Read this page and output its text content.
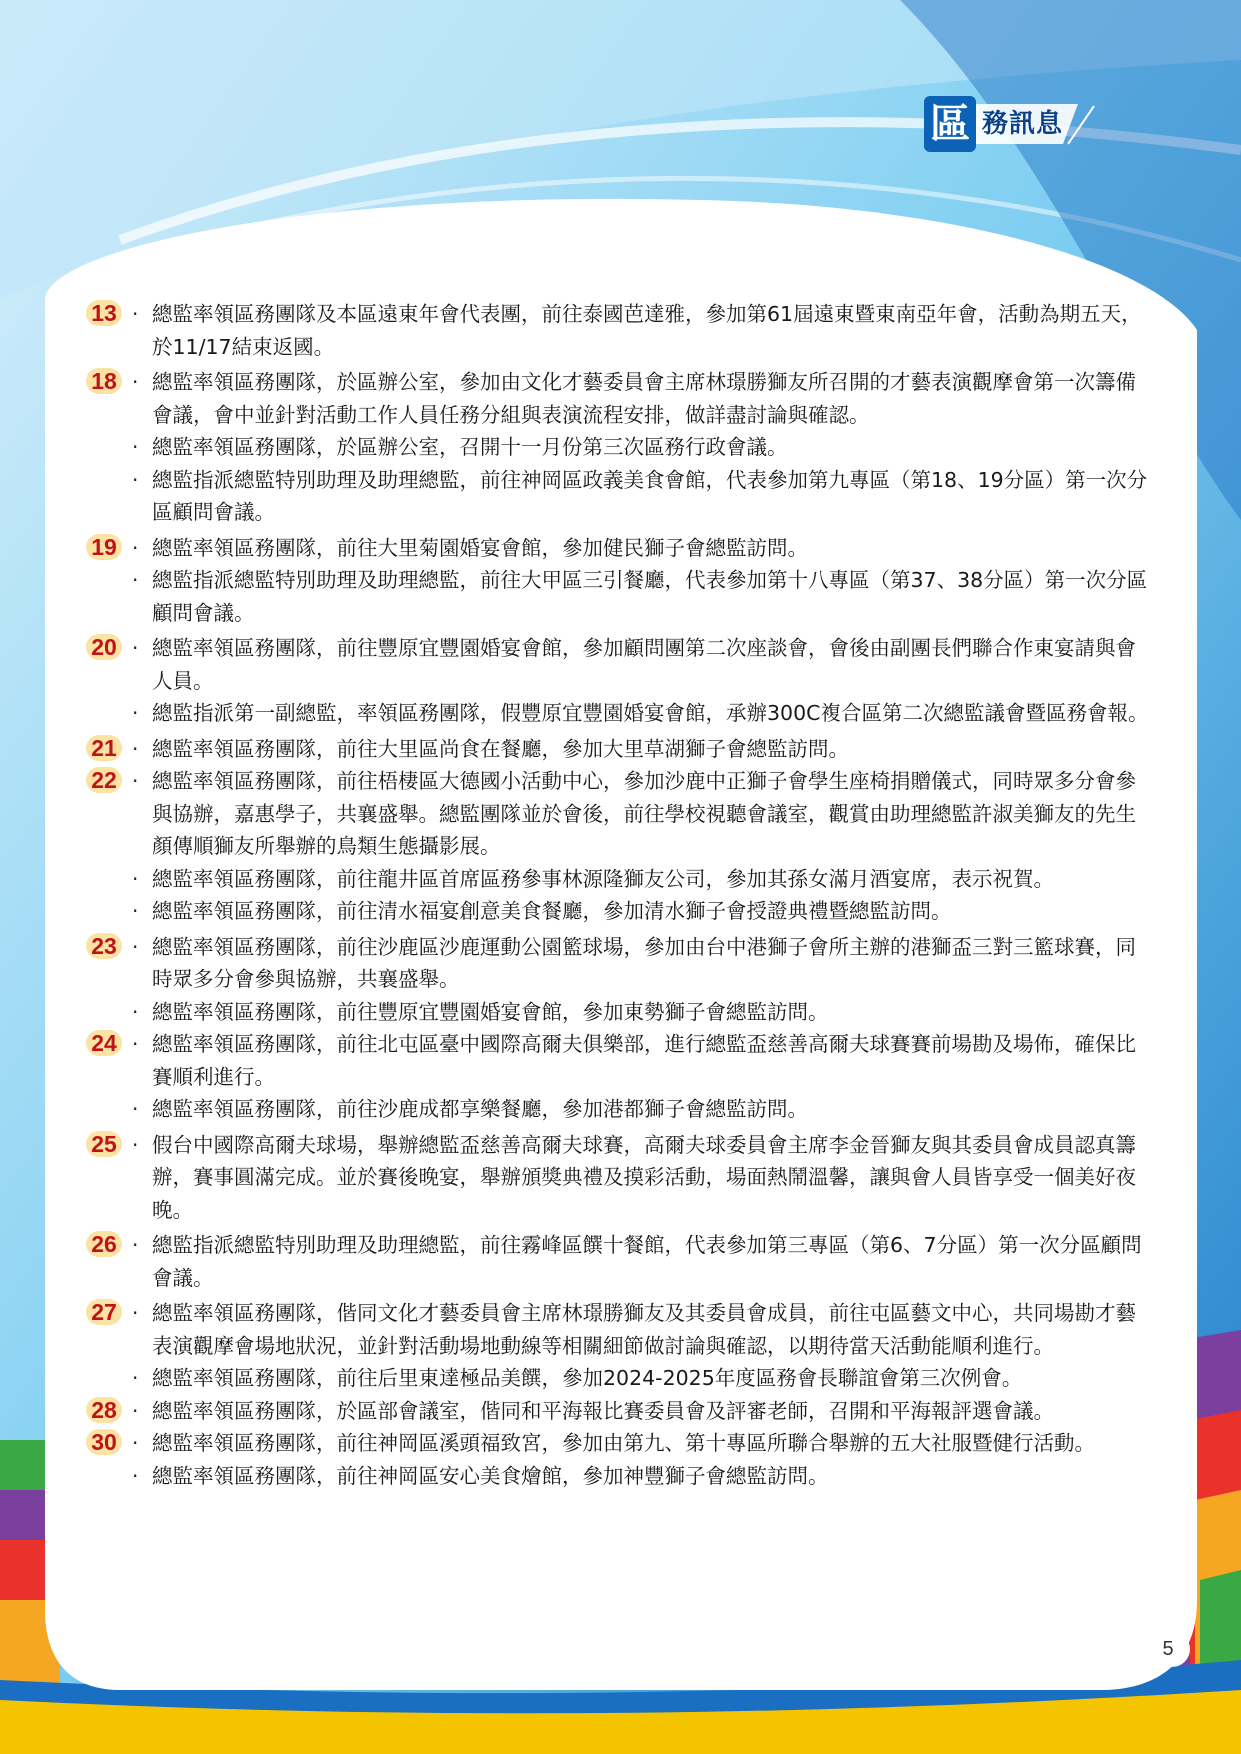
區 務訊息
13 ‧ 總監率領區務團隊及本區遠東年會代表團，前往泰國芭達雅，參加第61屆遠東暨東南亞年會，活動為期五天，於11/17結束返國。
18 ‧ 總監率領區務團隊，於區辦公室，參加由文化才藝委員會主席林璟勝獅友所召開的才藝表演觀摩會第一次籌備會議，會中並針對活動工作人員任務分組與表演流程安排，做詳盡討論與確認。
‧ 總監率領區務團隊，於區辦公室，召開十一月份第三次區務行政會議。
‧ 總監指派總監特別助理及助理總監，前往神岡區政義美食會館，代表參加第九專區（第18、19分區）第一次分區顧問會議。
19 ‧ 總監率領區務團隊，前往大里菊園婚宴會館，參加健民獅子會總監訪問。
‧ 總監指派總監特別助理及助理總監，前往大甲區三引餐廳，代表參加第十八專區（第37、38分區）第一次分區顧問會議。
20 ‧ 總監率領區務團隊，前往豐原宜豐園婚宴會館，參加顧問團第二次座談會，會後由副團長們聯合作東宴請與會人員。
‧ 總監指派第一副總監，率領區務團隊，假豐原宜豐園婚宴會館，承辦300C複合區第二次總監議會暨區務會報。
21 ‧ 總監率領區務團隊，前往大里區尚食在餐廳，參加大里草湖獅子會總監訪問。
22 ‧ 總監率領區務團隊，前往梧棲區大德國小活動中心，參加沙鹿中正獅子會學生座椅捐贈儀式，同時眾多分會參與協辦，嘉惠學子，共襄盛舉。總監團隊並於會後，前往學校視聽會議室，觀賞由助理總監許淑美獅友的先生顏傳順獅友所舉辦的鳥類生態攝影展。
‧ 總監率領區務團隊，前往龍井區首席區務參事林源隆獅友公司，參加其孫女滿月酒宴席，表示祝賀。
‧ 總監率領區務團隊，前往清水福宴創意美食餐廳，參加清水獅子會授證典禮暨總監訪問。
23 ‧ 總監率領區務團隊，前往沙鹿區沙鹿運動公園籃球場，參加由台中港獅子會所主辦的港獅盃三對三籃球賽，同時眾多分會參與協辦，共襄盛舉。
‧ 總監率領區務團隊，前往豐原宜豐園婚宴會館，參加東勢獅子會總監訪問。
24 ‧ 總監率領區務團隊，前往北屯區臺中國際高爾夫俱樂部，進行總監盃慈善高爾夫球賽賽前場勘及場佈，確保比賽順利進行。
‧ 總監率領區務團隊，前往沙鹿成都享樂餐廳，參加港都獅子會總監訪問。
25 ‧ 假台中國際高爾夫球場，舉辦總監盃慈善高爾夫球賽，高爾夫球委員會主席李金晉獅友與其委員會成員認真籌辦，賽事圓滿完成。並於賽後晚宴，舉辦頒獎典禮及摸彩活動，場面熱鬧溫馨，讓與會人員皆享受一個美好夜晚。
26 ‧ 總監指派總監特別助理及助理總監，前往霧峰區饌十餐館，代表參加第三專區（第6、7分區）第一次分區顧問會議。
27 ‧ 總監率領區務團隊，偕同文化才藝委員會主席林璟勝獅友及其委員會成員，前往屯區藝文中心，共同場勘才藝表演觀摩會場地狀況，並針對活動場地動線等相關細節做討論與確認，以期待當天活動能順利進行。
‧ 總監率領區務團隊，前往后里東達極品美饌，參加2024-2025年度區務會長聯誼會第三次例會。
28 ‧ 總監率領區務團隊，於區部會議室，偕同和平海報比賽委員會及評審老師，召開和平海報評選會議。
30 ‧ 總監率領區務團隊，前往神岡區溪頭福致宮，參加由第九、第十專區所聯合舉辦的五大社服暨健行活動。
‧ 總監率領區務團隊，前往神岡區安心美食燴館，參加神豐獅子會總監訪問。
5
